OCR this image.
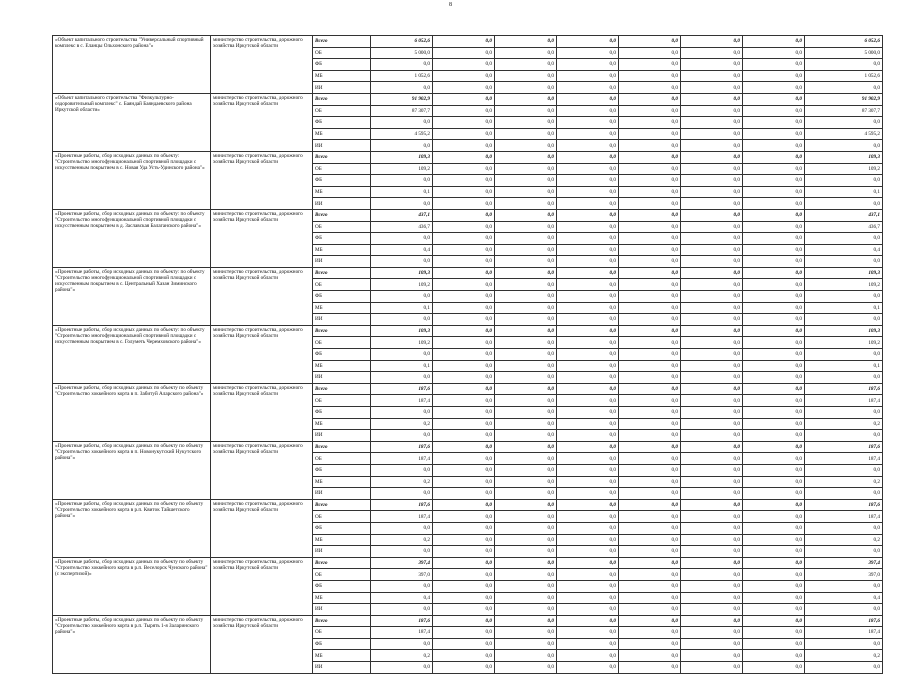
8
«Объект капитального строительства "Универсальный спортивный комплекс в с. Еланцы Ольхонского района"»	министерство строительства, дорожного хозяйства Иркутской области	Всего	6 052,6	0,0	0,0	0,0	0,0	0,0	0,0	6 052,6
		ОБ	5 000,0	0,0	0,0	0,0	0,0	0,0	0,0	5 000,0
		ФБ	0,0	0,0	0,0	0,0	0,0	0,0	0,0	0,0
		МБ	1 052,6	0,0	0,0	0,0	0,0	0,0	0,0	1 052,6
		ИИ	0,0	0,0	0,0	0,0	0,0	0,0	0,0	0,0
«Объект капитального строительства "Физкультурно-оздоровительный комплекс" с. Баяндай Баяндаевского района Иркутской области»	министерство строительства, дорожного хозяйства Иркутской области	Всего	91 902,9	0,0	0,0	0,0	0,0	0,0	0,0	91 902,9
		ОБ	87 307,7	0,0	0,0	0,0	0,0	0,0	0,0	87 307,7
		ФБ	0,0	0,0	0,0	0,0	0,0	0,0	0,0	0,0
		МБ	4 595,2	0,0	0,0	0,0	0,0	0,0	0,0	4 595,2
		ИИ	0,0	0,0	0,0	0,0	0,0	0,0	0,0	0,0
«Проектные работы, сбор исходных данных по объекту: "Строительство многофункциональной спортивной площадки с искусственным покрытием в с. Новая Уда Усть-Удинского района"»	министерство строительства, дорожного хозяйства Иркутской области	Всего	109,3	0,0	0,0	0,0	0,0	0,0	0,0	109,3
		ОБ	109,2	0,0	0,0	0,0	0,0	0,0	0,0	109,2
		ФБ	0,0	0,0	0,0	0,0	0,0	0,0	0,0	0,0
		МБ	0,1	0,0	0,0	0,0	0,0	0,0	0,0	0,1
		ИИ	0,0	0,0	0,0	0,0	0,0	0,0	0,0	0,0
«Проектные работы, сбор исходных данных по объекту: по объекту "Строительство многофункциональной спортивной площадки с искусственным покрытием в д. Заславская Балаганского района"»	министерство строительства, дорожного хозяйства Иркутской области	Всего	437,1	0,0	0,0	0,0	0,0	0,0	0,0	437,1
		ОБ	436,7	0,0	0,0	0,0	0,0	0,0	0,0	436,7
		ФБ	0,0	0,0	0,0	0,0	0,0	0,0	0,0	0,0
		МБ	0,4	0,0	0,0	0,0	0,0	0,0	0,0	0,4
		ИИ	0,0	0,0	0,0	0,0	0,0	0,0	0,0	0,0
«Проектные работы, сбор исходных данных по объекту: по объекту "Строительство многофункциональной спортивной площадки с искусственным покрытием в с. Центральный Хазан Зиминского района"»	министерство строительства, дорожного хозяйства Иркутской области	Всего	109,3	0,0	0,0	0,0	0,0	0,0	0,0	109,3
		ОБ	109,2	0,0	0,0	0,0	0,0	0,0	0,0	109,2
		ФБ	0,0	0,0	0,0	0,0	0,0	0,0	0,0	0,0
		МБ	0,1	0,0	0,0	0,0	0,0	0,0	0,0	0,1
		ИИ	0,0	0,0	0,0	0,0	0,0	0,0	0,0	0,0
«Проектные работы, сбор исходных данных по объекту: по объекту "Строительство многофункциональной спортивной площадки с искусственным покрытием в с. Голуметь Черемховского района"»	министерство строительства, дорожного хозяйства Иркутской области	Всего	109,3	0,0	0,0	0,0	0,0	0,0	0,0	109,3
		ОБ	109,2	0,0	0,0	0,0	0,0	0,0	0,0	109,2
		ФБ	0,0	0,0	0,0	0,0	0,0	0,0	0,0	0,0
		МБ	0,1	0,0	0,0	0,0	0,0	0,0	0,0	0,1
		ИИ	0,0	0,0	0,0	0,0	0,0	0,0	0,0	0,0
«Проектные работы, сбор исходных данных по объекту по объекту "Строительство хоккейного корта в п. Забитуй Аларского района"»	министерство строительства, дорожного хозяйства Иркутской области	Всего	187,6	0,0	0,0	0,0	0,0	0,0	0,0	187,6
		ОБ	187,4	0,0	0,0	0,0	0,0	0,0	0,0	187,4
		ФБ	0,0	0,0	0,0	0,0	0,0	0,0	0,0	0,0
		МБ	0,2	0,0	0,0	0,0	0,0	0,0	0,0	0,2
		ИИ	0,0	0,0	0,0	0,0	0,0	0,0	0,0	0,0
«Проектные работы, сбор исходных данных по объекту по объекту "Строительство хоккейного корта в п. Новонукутский Нукутского района"»	министерство строительства, дорожного хозяйства Иркутской области	Всего	187,6	0,0	0,0	0,0	0,0	0,0	0,0	187,6
		ОБ	187,4	0,0	0,0	0,0	0,0	0,0	0,0	187,4
		ФБ	0,0	0,0	0,0	0,0	0,0	0,0	0,0	0,0
		МБ	0,2	0,0	0,0	0,0	0,0	0,0	0,0	0,2
		ИИ	0,0	0,0	0,0	0,0	0,0	0,0	0,0	0,0
«Проектные работы, сбор исходных данных по объекту по объекту "Строительство хоккейного корта в р.п. Квиток Тайшетского района"»	министерство строительства, дорожного хозяйства Иркутской области	Всего	187,6	0,0	0,0	0,0	0,0	0,0	0,0	187,6
		ОБ	187,4	0,0	0,0	0,0	0,0	0,0	0,0	187,4
		ФБ	0,0	0,0	0,0	0,0	0,0	0,0	0,0	0,0
		МБ	0,2	0,0	0,0	0,0	0,0	0,0	0,0	0,2
		ИИ	0,0	0,0	0,0	0,0	0,0	0,0	0,0	0,0
«Проектные работы, сбор исходных данных по объекту по объекту "Строительство хоккейного корта в р.п. Веселорск Чунского района" (с экспертизой)»	министерство строительства, дорожного хозяйства Иркутской области	Всего	397,4	0,0	0,0	0,0	0,0	0,0	0,0	397,4
		ОБ	397,0	0,0	0,0	0,0	0,0	0,0	0,0	397,0
		ФБ	0,0	0,0	0,0	0,0	0,0	0,0	0,0	0,0
		МБ	0,4	0,0	0,0	0,0	0,0	0,0	0,0	0,4
		ИИ	0,0	0,0	0,0	0,0	0,0	0,0	0,0	0,0
«Проектные работы, сбор исходных данных по объекту по объекту "Строительство хоккейного корта в р.п. Тырять 1-я Заларинского района"»	министерство строительства, дорожного хозяйства Иркутской области	Всего	187,6	0,0	0,0	0,0	0,0	0,0	0,0	187,6
		ОБ	187,4	0,0	0,0	0,0	0,0	0,0	0,0	187,4
		ФБ	0,0	0,0	0,0	0,0	0,0	0,0	0,0	0,0
		МБ	0,2	0,0	0,0	0,0	0,0	0,0	0,0	0,2
		ИИ	0,0	0,0	0,0	0,0	0,0	0,0	0,0	0,0
